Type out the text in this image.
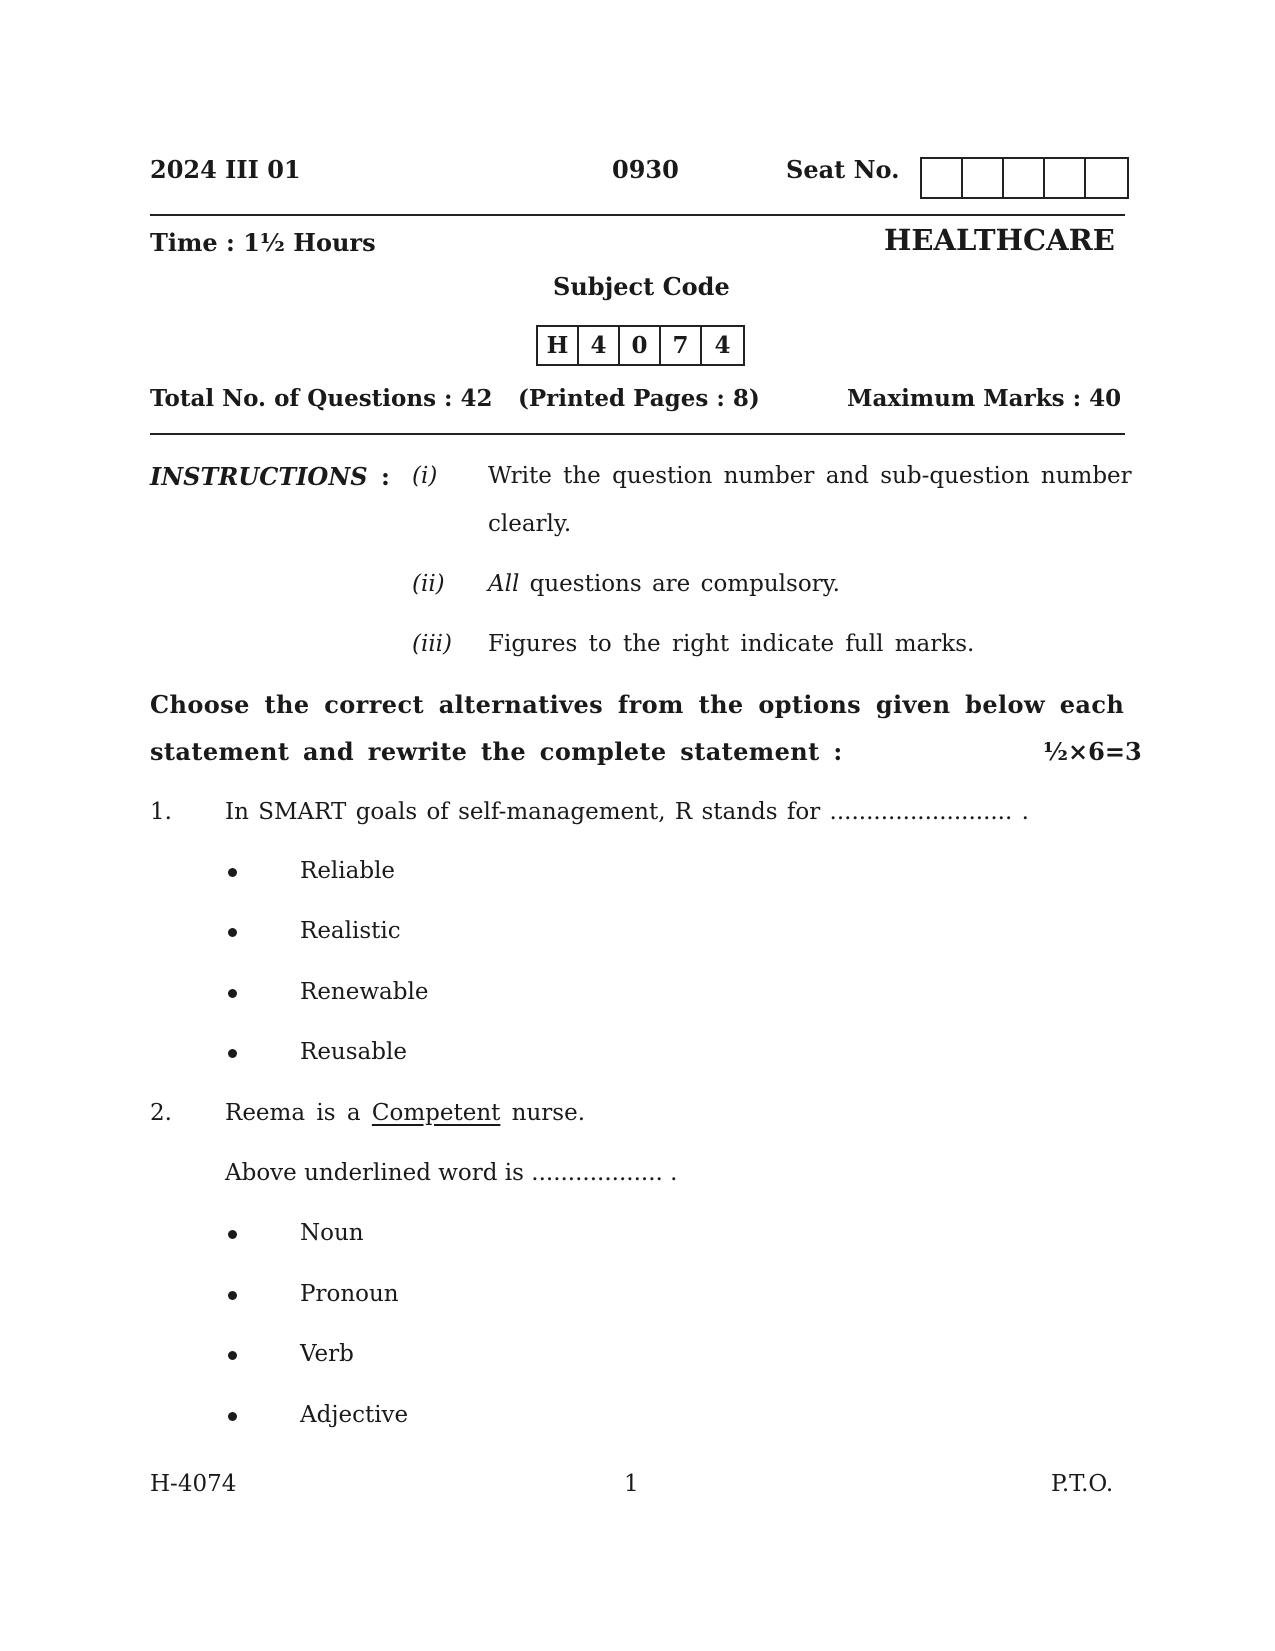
2024 III 01	0930	Seat No.
Time : 1½ Hours	HEALTHCARE
Subject Code
H 4	0	7	4
Total No. of Questions : 42 (Printed Pages : 8)	Maximum Marks : 40
INSTRUCTIONS : (i) Write the question number and sub-question number
clearly.
(ii) All questions are compulsory.
(iii) Figures to the right indicate full marks.
Choose the correct alternatives from the options given below each
statement and rewrite the complete statement :	½×6=3
1. In SMART goals of self-management, R stands for ......................... .
Reliable
Realistic
Renewable
Reusable
2. Reema is a Competent nurse.
Above underlined word is .................. .
Noun
Pronoun
Verb
Adjective
H-4074	1	P.T.O.
